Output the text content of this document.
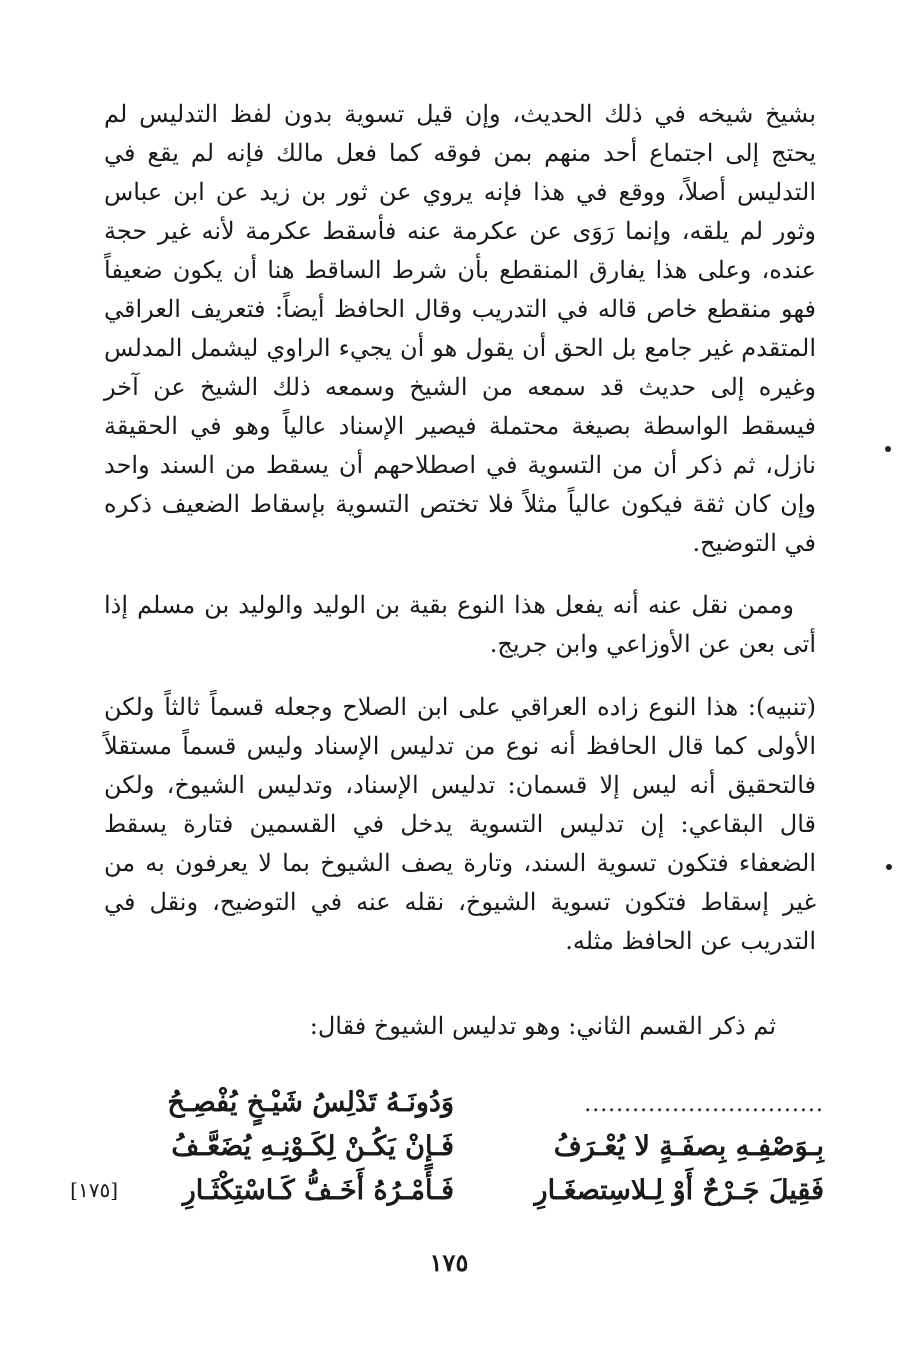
بشيخ شيخه في ذلك الحديث، وإن قيل تسوية بدون لفظ التدليس لم يحتج إلى اجتماع أحد منهم بمن فوقه كما فعل مالك فإنه لم يقع في التدليس أصلاً، ووقع في هذا فإنه يروي عن ثور بن زيد عن ابن عباس وثور لم يلقه، وإنما رَوَى عن عكرمة عنه فأسقط عكرمة لأنه غير حجة عنده، وعلى هذا يفارق المنقطع بأن شرط الساقط هنا أن يكون ضعيفاً فهو منقطع خاص قاله في التدريب وقال الحافظ أيضاً: فتعريف العراقي المتقدم غير جامع بل الحق أن يقول هو أن يجيء الراوي ليشمل المدلس وغيره إلى حديث قد سمعه من الشيخ وسمعه ذلك الشيخ عن آخر فيسقط الواسطة بصيغة محتملة فيصير الإسناد عالياً وهو في الحقيقة نازل، ثم ذكر أن من التسوية في اصطلاحهم أن يسقط من السند واحد وإن كان ثقة فيكون عالياً مثلاً فلا تختص التسوية بإسقاط الضعيف ذكره في التوضيح.
وممن نقل عنه أنه يفعل هذا النوع بقية بن الوليد والوليد بن مسلم إذا أتى بعن عن الأوزاعي وابن جريج.
(تنبيه): هذا النوع زاده العراقي على ابن الصلاح وجعله قسماً ثالثاً ولكن الأولى كما قال الحافظ أنه نوع من تدليس الإسناد وليس قسماً مستقلاً فالتحقيق أنه ليس إلا قسمان: تدليس الإسناد، وتدليس الشيوخ، ولكن قال البقاعي: إن تدليس التسوية يدخل في القسمين فتارة يسقط الضعفاء فتكون تسوية السند، وتارة يصف الشيوخ بما لا يعرفون به من غير إسقاط فتكون تسوية الشيوخ، نقله عنه في التوضيح، ونقل في التدريب عن الحافظ مثله.
ثم ذكر القسم الثاني: وهو تدليس الشيوخ فقال:
..............................
وَدُونَـهُ تَدْلِسُ شَيْـخٍ يُفْصِـحُ
بِـوَصْفِـهِ بِصفَـةٍ لا يُعْـرَفُ
فَـإِنْ يَكُـنْ لِكَـوْنِـهِ يُضَعَّـفُ
فَقِيلَ جَـرْحٌ أَوْ لِـلاسِتصغَـارِ
فَـأَمْـرُهُ أَخَـفُّ كَـاسْتِكْثَـارِ
[١٧٥]
١٧٥
